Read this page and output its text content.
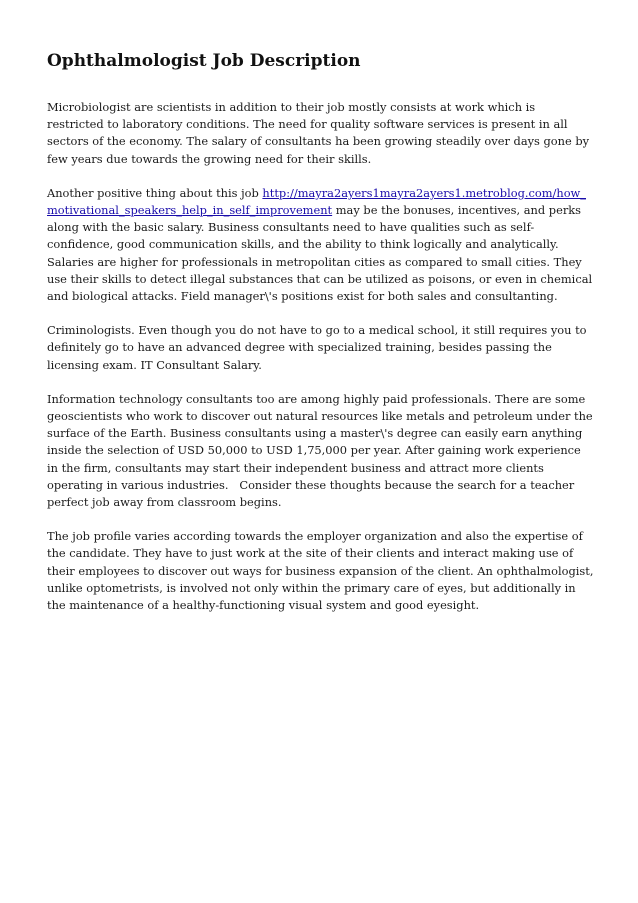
Ophthalmologist Job Description

Microbiologist are scientists in addition to their job mostly consists at work which is restricted to laboratory conditions. The need for quality software services is present in all sectors of the economy. The salary of consultants ha been growing steadily over days gone by few years due towards the growing need for their skills.

Another positive thing about this job http://mayra2ayers1mayra2ayers1.metroblog.com/how_motivational_speakers_help_in_self_improvement may be the bonuses, incentives, and perks along with the basic salary. Business consultants need to have qualities such as self-confidence, good communication skills, and the ability to think logically and analytically. Salaries are higher for professionals in metropolitan cities as compared to small cities. They use their skills to detect illegal substances that can be utilized as poisons, or even in chemical and biological attacks. Field manager\'s positions exist for both sales and consultanting.

Criminologists. Even though you do not have to go to a medical school, it still requires you to definitely go to have an advanced degree with specialized training, besides passing the licensing exam. IT Consultant Salary.

Information technology consultants too are among highly paid professionals. There are some geoscientists who work to discover out natural resources like metals and petroleum under the surface of the Earth. Business consultants using a master\'s degree can easily earn anything inside the selection of USD 50,000 to USD 1,75,000 per year. After gaining work experience in the firm, consultants may start their independent business and attract more clients operating in various industries.   Consider these thoughts because the search for a teacher perfect job away from classroom begins.

The job profile varies according towards the employer organization and also the expertise of the candidate. They have to just work at the site of their clients and interact making use of their employees to discover out ways for business expansion of the client. An ophthalmologist, unlike optometrists, is involved not only within the primary care of eyes, but additionally in the maintenance of a healthy-functioning visual system and good eyesight.
